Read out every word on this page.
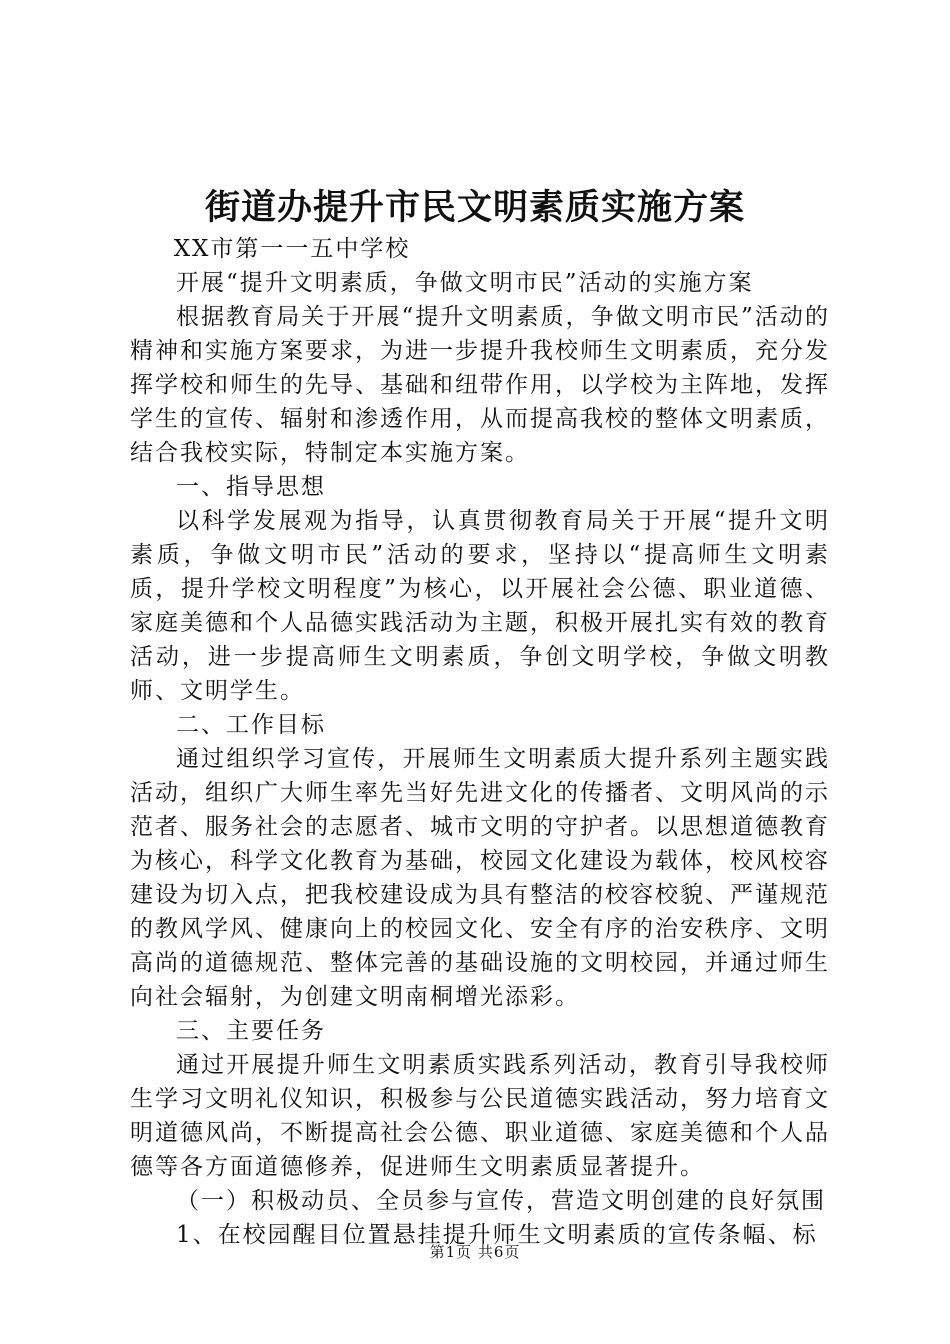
街道办提升市民文明素质实施方案

XX市第一一五中学校

开展“提升文明素质，争做文明市民”活动的实施方案

根据教育局关于开展“提升文明素质，争做文明市民”活动的精神和实施方案要求，为进一步提升我校师生文明素质，充分发挥学校和师生的先导、基础和纽带作用，以学校为主阵地，发挥学生的宣传、辐射和渗透作用，从而提高我校的整体文明素质，结合我校实际，特制定本实施方案。

一、指导思想

以科学发展观为指导，认真贯彻教育局关于开展“提升文明素质，争做文明市民”活动的要求，坚持以“提高师生文明素质，提升学校文明程度”为核心，以开展社会公德、职业道德、家庭美德和个人品德实践活动为主题，积极开展扎实有效的教育活动，进一步提高师生文明素质，争创文明学校，争做文明教师、文明学生。

二、工作目标

通过组织学习宣传，开展师生文明素质大提升系列主题实践活动，组织广大师生率先当好先进文化的传播者、文明风尚的示范者、服务社会的志愿者、城市文明的守护者。以思想道德教育为核心，科学文化教育为基础，校园文化建设为载体，校风校容建设为切入点，把我校建设成为具有整洁的校容校貌、严谨规范的教风学风、健康向上的校园文化、安全有序的治安秩序、文明高尚的道德规范、整体完善的基础设施的文明校园，并通过师生向社会辐射，为创建文明南桐增光添彩。

三、主要任务

通过开展提升师生文明素质实践系列活动，教育引导我校师生学习文明礼仪知识，积极参与公民道德实践活动，努力培育文明道德风尚，不断提高社会公德、职业道德、家庭美德和个人品德等各方面道德修养，促进师生文明素质显著提升。

（一）积极动员、全员参与宣传，营造文明创建的良好氛围

1、在校园醒目位置悬挂提升师生文明素质的宣传条幅、标

第1页 共6页
